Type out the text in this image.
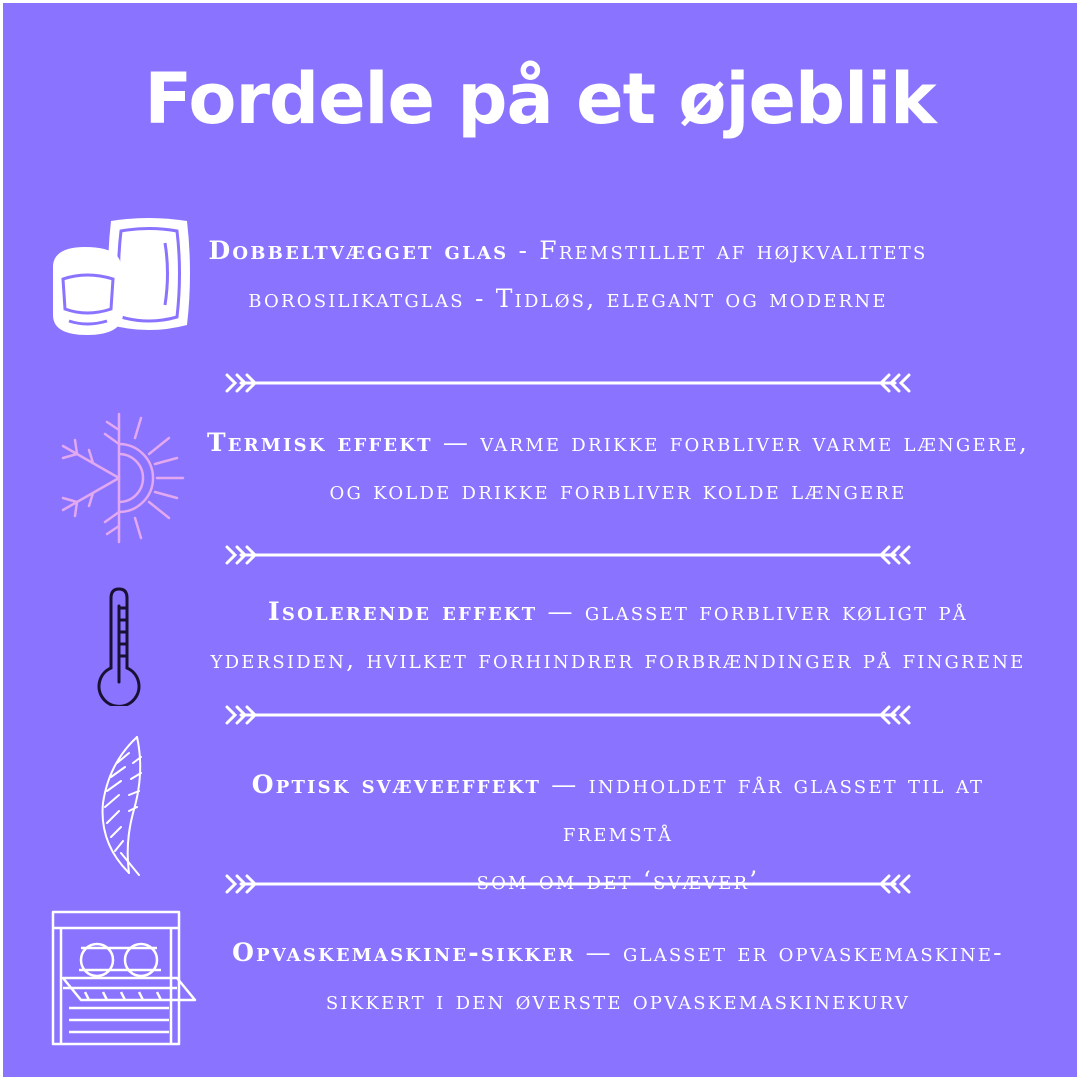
Fordele på et øjeblik
Dobbeltvægget glas - Fremstillet af højkvalitets
borosilikatglas - Tidløs, elegant og moderne
Termisk effekt — varme drikke forbliver varme længere,
og kolde drikke forbliver kolde længere
Isolerende effekt — glasset forbliver køligt på
ydersiden, hvilket forhindrer forbrændinger på fingrene
Optisk svæveeffekt — indholdet får glasset til at fremstå
som om det ‘svæver’
Opvaskemaskine-sikker — glasset er opvaskemaskine-
sikkert i den øverste opvaskemaskinekurv
